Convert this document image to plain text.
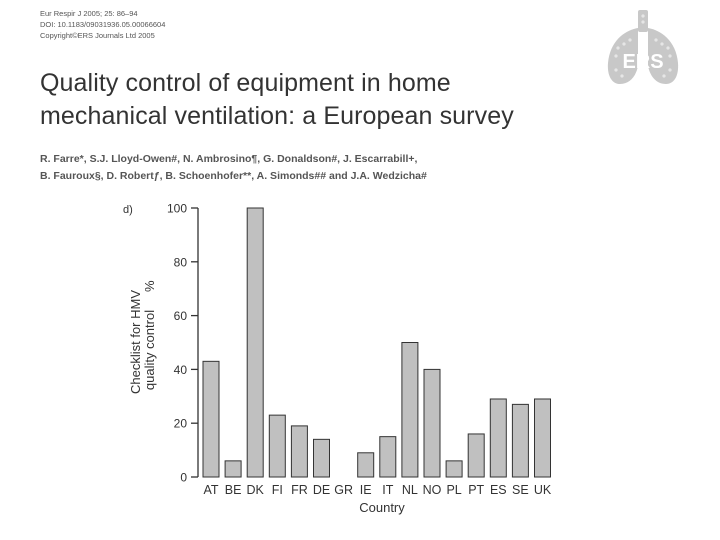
Eur Respir J 2005; 25: 86–94
DOI: 10.1183/09031936.05.00066604
Copyright©ERS Journals Ltd 2005
ERS
Quality control of equipment in home
mechanical ventilation: a European survey
R. Farre*, S.J. Lloyd-Owen#, N. Ambrosino¶, G. Donaldson#, J. Escarrabill+,
B. Fauroux§, D. Robertƒ, B. Schoenhofer**, A. Simonds## and J.A. Wedzicha#
d)
0
20
40
60
80
100
AT BE DK FI FR DE GR IE IT NL NO PL PT ES SE UK
Checklist for HMV quality control
%
Country
